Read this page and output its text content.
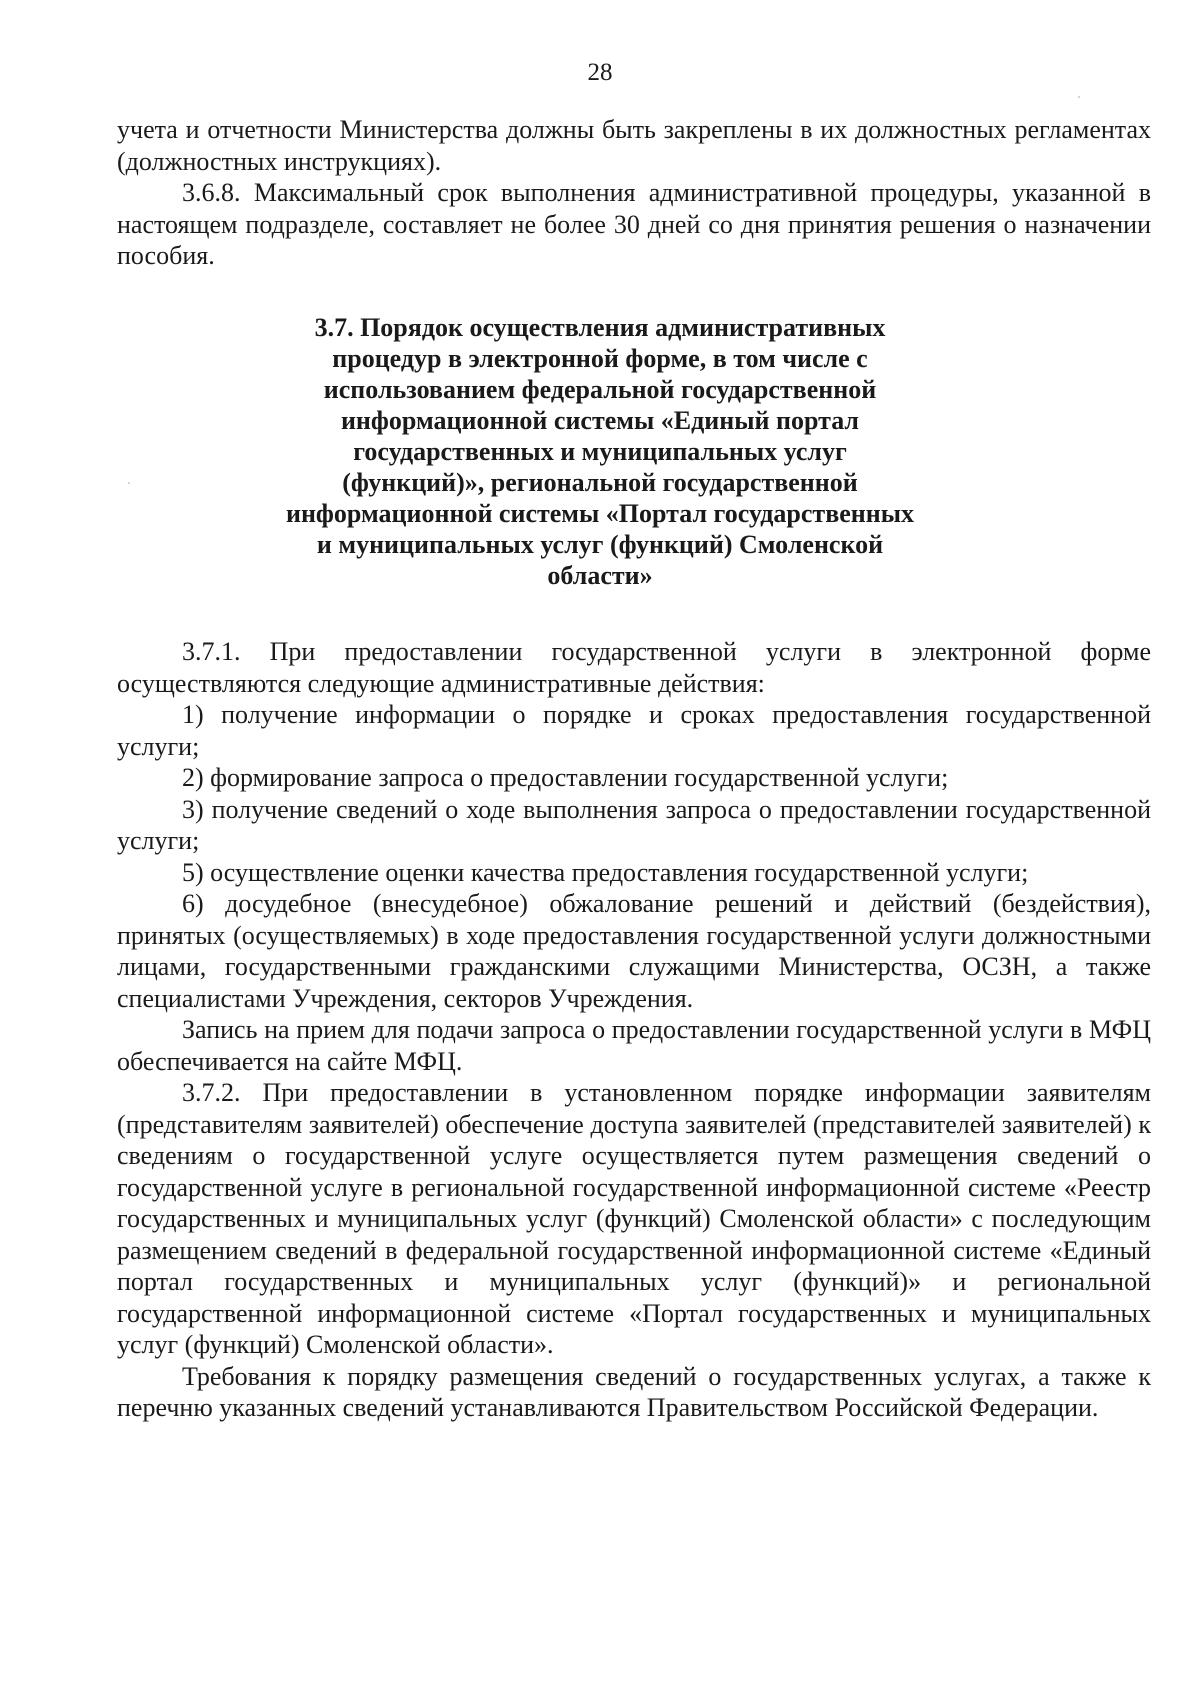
28

учета и отчетности Министерства должны быть закреплены в их должностных регламентах (должностных инструкциях).

3.6.8. Максимальный срок выполнения административной процедуры, указанной в настоящем подразделе, составляет не более 30 дней со дня принятия решения о назначении пособия.

3.7. Порядок осуществления административных
процедур в электронной форме, в том числе с
использованием федеральной государственной
информационной системы «Единый портал
государственных и муниципальных услуг
(функций)», региональной государственной
информационной системы «Портал государственных
и муниципальных услуг (функций) Смоленской
области»

3.7.1. При предоставлении государственной услуги в электронной форме осуществляются следующие административные действия:

1) получение информации о порядке и сроках предоставления государственной услуги;

2) формирование запроса о предоставлении государственной услуги;

3) получение сведений о ходе выполнения запроса о предоставлении государственной услуги;

5) осуществление оценки качества предоставления государственной услуги;

6) досудебное (внесудебное) обжалование решений и действий (бездействия), принятых (осуществляемых) в ходе предоставления государственной услуги должностными лицами, государственными гражданскими служащими Министерства, ОСЗН, а также специалистами Учреждения, секторов Учреждения.

Запись на прием для подачи запроса о предоставлении государственной услуги в МФЦ обеспечивается на сайте МФЦ.

3.7.2. При предоставлении в установленном порядке информации заявителям (представителям заявителей) обеспечение доступа заявителей (представителей заявителей) к сведениям о государственной услуге осуществляется путем размещения сведений о государственной услуге в региональной государственной информационной системе «Реестр государственных и муниципальных услуг (функций) Смоленской области» с последующим размещением сведений в федеральной государственной информационной системе «Единый портал государственных и муниципальных услуг (функций)» и региональной государственной информационной системе «Портал государственных и муниципальных услуг (функций) Смоленской области».

Требования к порядку размещения сведений о государственных услугах, а также к перечню указанных сведений устанавливаются Правительством Российской Федерации.
